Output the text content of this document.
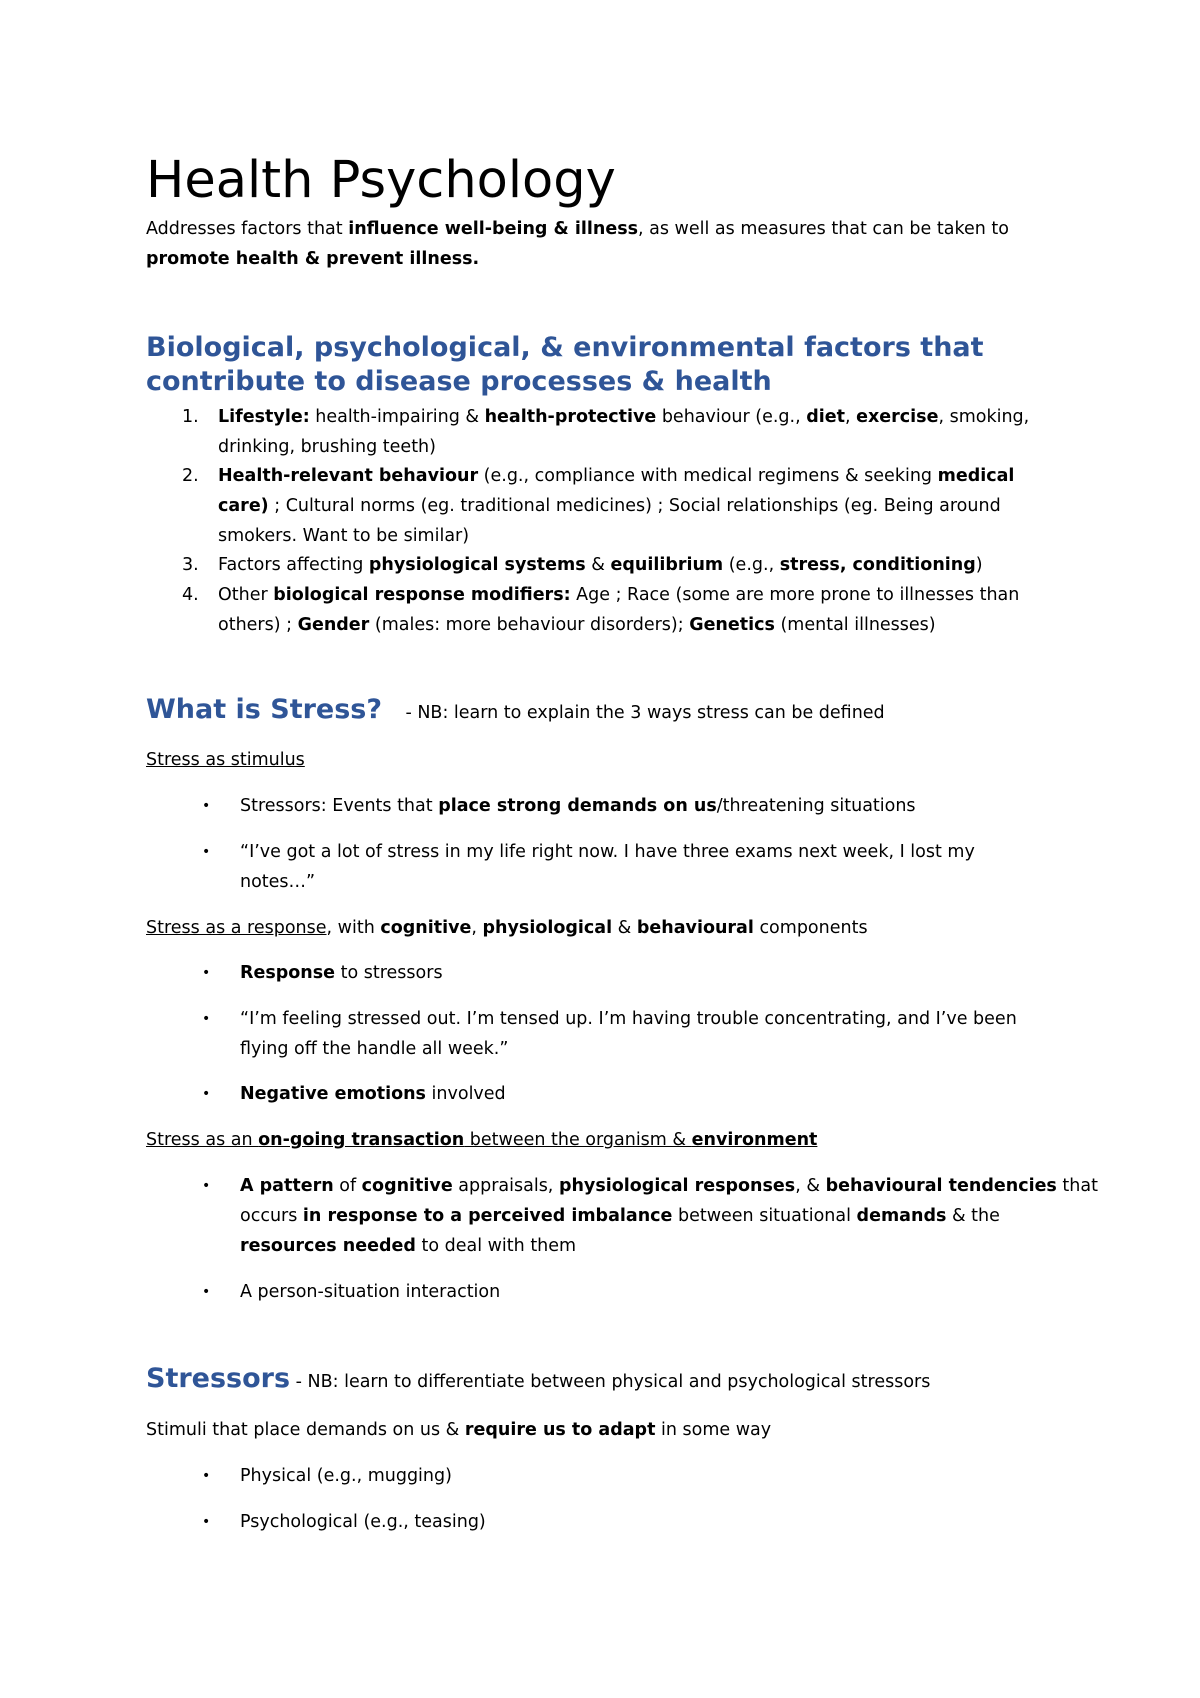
Health Psychology
Addresses factors that influence well-being & illness, as well as measures that can be taken to
promote health & prevent illness.
Biological, psychological, & environmental factors that
contribute to disease processes & health
1. Lifestyle: health-impairing & health-protective behaviour (e.g., diet, exercise, smoking,
drinking, brushing teeth)
2. Health-relevant behaviour (e.g., compliance with medical regimens & seeking medical
care) ; Cultural norms (eg. traditional medicines) ; Social relationships (eg. Being around
smokers. Want to be similar)
3. Factors affecting physiological systems & equilibrium (e.g., stress, conditioning)
4. Other biological response modifiers: Age ; Race (some are more prone to illnesses than
others) ; Gender (males: more behaviour disorders); Genetics (mental illnesses)
What is Stress? - NB: learn to explain the 3 ways stress can be defined
Stress as stimulus
• Stressors: Events that place strong demands on us/threatening situations
• “I’ve got a lot of stress in my life right now. I have three exams next week, I lost my
notes…”
Stress as a response, with cognitive, physiological & behavioural components
• Response to stressors
• “I’m feeling stressed out. I’m tensed up. I’m having trouble concentrating, and I’ve been
flying off the handle all week.”
• Negative emotions involved
Stress as an on-going transaction between the organism & environment
• A pattern of cognitive appraisals, physiological responses, & behavioural tendencies that
occurs in response to a perceived imbalance between situational demands & the
resources needed to deal with them
• A person-situation interaction
Stressors - NB: learn to differentiate between physical and psychological stressors
Stimuli that place demands on us & require us to adapt in some way
• Physical (e.g., mugging)
• Psychological (e.g., teasing)
